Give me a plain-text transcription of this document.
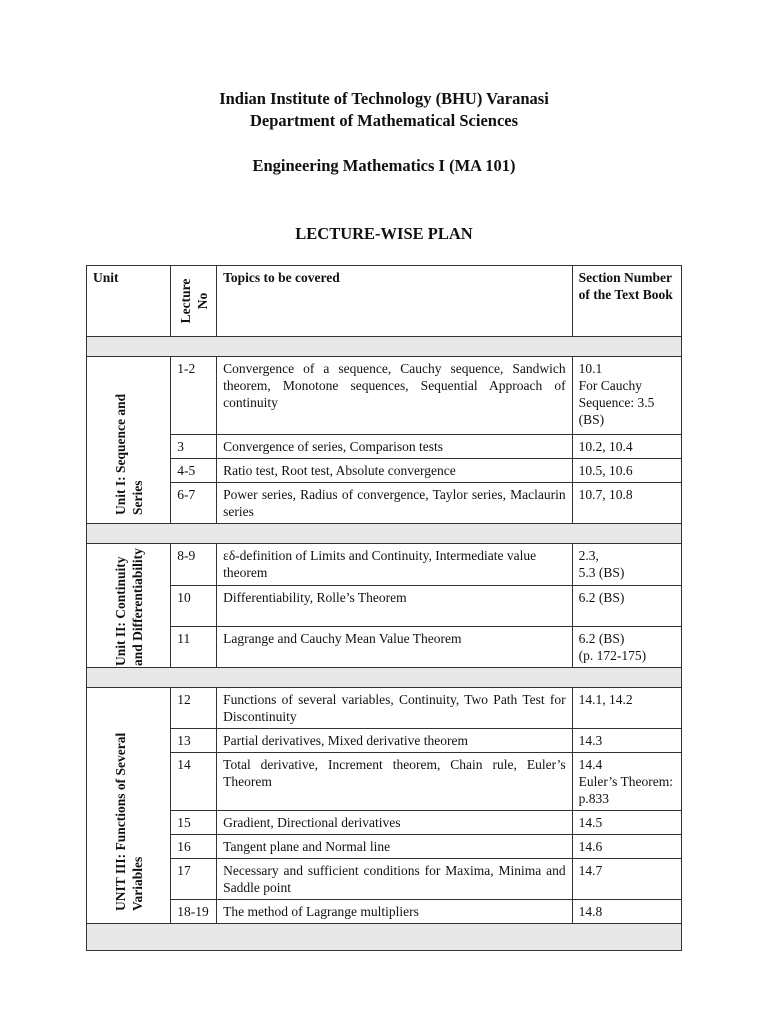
Indian Institute of Technology (BHU) Varanasi
Department of Mathematical Sciences
Engineering Mathematics I (MA 101)
LECTURE-WISE PLAN
Unit	Lecture No	Topics to be covered	Section Number of the Text Book

Unit I: Sequence and Series	1-2	Convergence of a sequence, Cauchy sequence, Sandwich theorem, Monotone sequences, Sequential Approach of continuity	10.1
For Cauchy Sequence: 3.5 (BS)

	3	Convergence of series, Comparison tests	10.2, 10.4
	4-5	Ratio test, Root test, Absolute convergence	10.5, 10.6
	6-7	Power series, Radius of convergence, Taylor series, Maclaurin series	10.7, 10.8

Unit II: Continuity and Differentiability	8-9	εδ-definition of Limits and Continuity, Intermediate value theorem	2.3,
5.3 (BS)

	10	Differentiability, Rolle’s Theorem	6.2 (BS)
	11	Lagrange and Cauchy Mean Value Theorem	6.2 (BS)
(p. 172-175)

UNIT III: Functions of Several Variables	12	Functions of several variables, Continuity, Two Path Test for Discontinuity	14.1, 14.2
	13	Partial derivatives, Mixed derivative theorem	14.3
	14	Total derivative, Increment theorem, Chain rule, Euler’s Theorem	14.4
Euler’s Theorem: p.833

	15	Gradient, Directional derivatives	14.5
	16	Tangent plane and Normal line	14.6
	17	Necessary and sufficient conditions for Maxima, Minima and Saddle point	14.7
	18-19	The method of Lagrange multipliers	14.8
